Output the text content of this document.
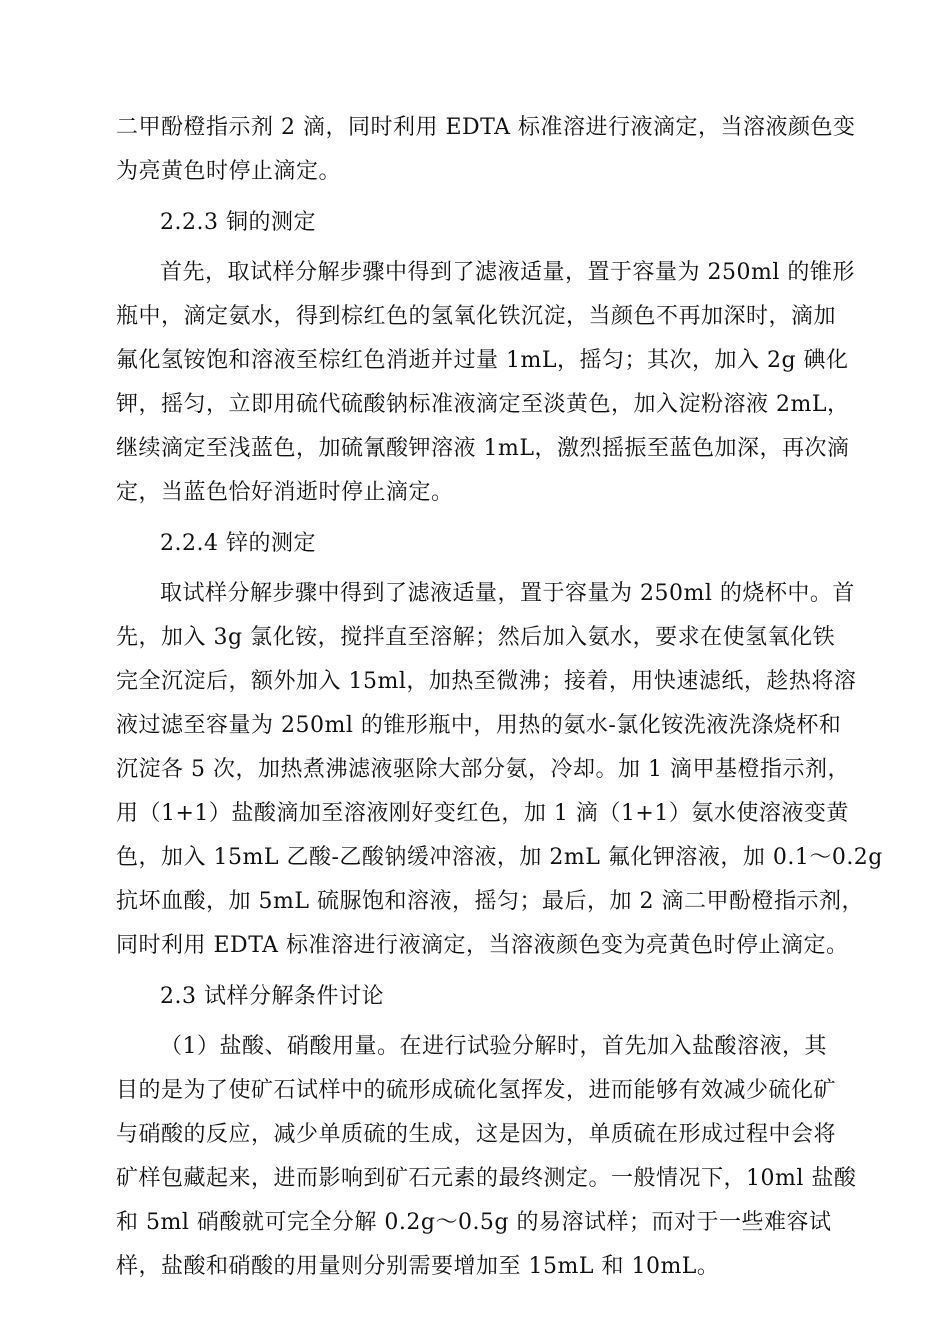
二甲酚橙指示剂 2 滴，同时利用 EDTA 标准溶进行液滴定，当溶液颜色变
为亮黄色时停止滴定。
2.2.3 铜的测定
首先，取试样分解步骤中得到了滤液适量，置于容量为 250ml 的锥形
瓶中，滴定氨水，得到棕红色的氢氧化铁沉淀，当颜色不再加深时，滴加
氟化氢铵饱和溶液至棕红色消逝并过量 1mL，摇匀；其次，加入 2g 碘化
钾，摇匀，立即用硫代硫酸钠标准液滴定至淡黄色，加入淀粉溶液 2mL，
继续滴定至浅蓝色，加硫氰酸钾溶液 1mL，激烈摇振至蓝色加深，再次滴
定，当蓝色恰好消逝时停止滴定。
2.2.4 锌的测定
取试样分解步骤中得到了滤液适量，置于容量为 250ml 的烧杯中。首
先，加入 3g 氯化铵，搅拌直至溶解；然后加入氨水，要求在使氢氧化铁
完全沉淀后，额外加入 15ml，加热至微沸；接着，用快速滤纸，趁热将溶
液过滤至容量为 250ml 的锥形瓶中，用热的氨水-氯化铵洗液洗涤烧杯和
沉淀各 5 次，加热煮沸滤液驱除大部分氨，冷却。加 1 滴甲基橙指示剂，
用（1+1）盐酸滴加至溶液刚好变红色，加 1 滴（1+1）氨水使溶液变黄
色，加入 15mL 乙酸-乙酸钠缓冲溶液，加 2mL 氟化钾溶液，加 0.1～0.2g
抗坏血酸，加 5mL 硫脲饱和溶液，摇匀；最后，加 2 滴二甲酚橙指示剂，
同时利用 EDTA 标准溶进行液滴定，当溶液颜色变为亮黄色时停止滴定。
2.3 试样分解条件讨论
（1）盐酸、硝酸用量。在进行试验分解时，首先加入盐酸溶液，其
目的是为了使矿石试样中的硫形成硫化氢挥发，进而能够有效减少硫化矿
与硝酸的反应，减少单质硫的生成，这是因为，单质硫在形成过程中会将
矿样包藏起来，进而影响到矿石元素的最终测定。一般情况下，10ml 盐酸
和 5ml 硝酸就可完全分解 0.2g～0.5g 的易溶试样；而对于一些难容试
样，盐酸和硝酸的用量则分别需要增加至 15mL 和 10mL。
